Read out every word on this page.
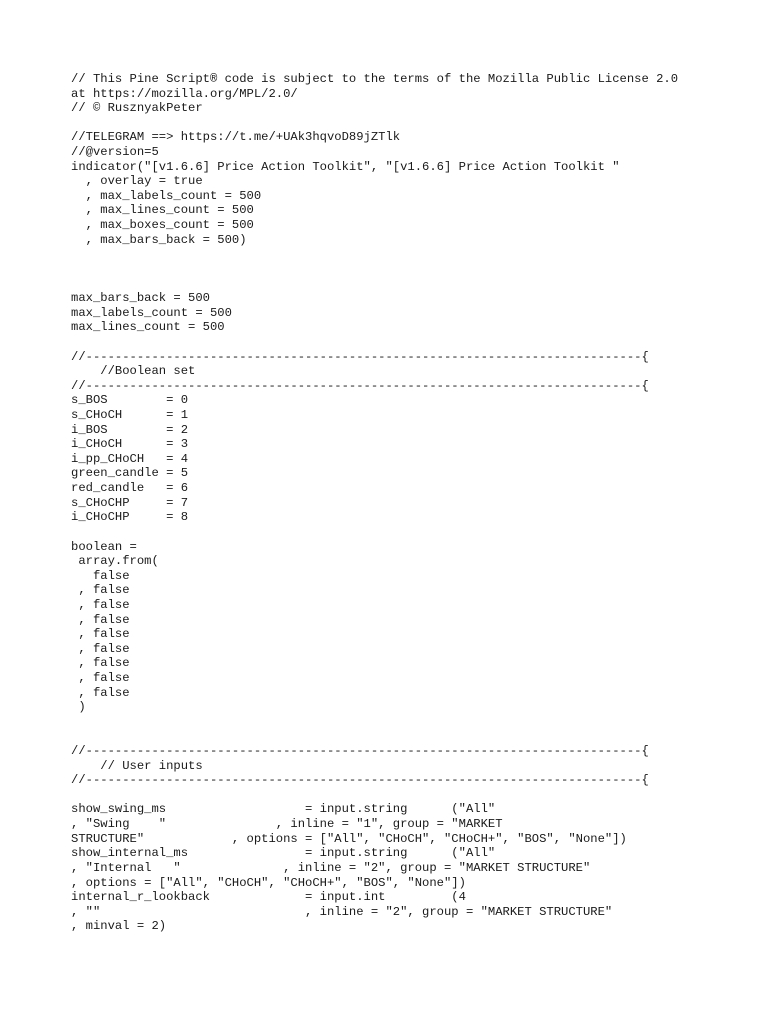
// This Pine Script® code is subject to the terms of the Mozilla Public License 2.0
at https://mozilla.org/MPL/2.0/
// © RusznyakPeter
//TELEGRAM ==> https://t.me/+UAk3hqvoD89jZTlk
//@version=5
indicator("[v1.6.6] Price Action Toolkit", "[v1.6.6] Price Action Toolkit "
, overlay = true
, max_labels_count = 500
, max_lines_count = 500
, max_boxes_count = 500
, max_bars_back = 500)
max_bars_back = 500
max_labels_count = 500
max_lines_count = 500
//----------------------------------------------------------------------------{
//Boolean set
//----------------------------------------------------------------------------{
s_BOS        = 0
s_CHoCH      = 1
i_BOS        = 2
i_CHoCH      = 3
i_pp_CHoCH   = 4
green_candle = 5
red_candle   = 6
s_CHoCHP     = 7
i_CHoCHP     = 8
boolean =
array.from(
false
, false
, false
, false
, false
, false
, false
, false
, false
)
//----------------------------------------------------------------------------{
// User inputs
//----------------------------------------------------------------------------{
show_swing_ms                   = input.string      ("All"
, "Swing    "               , inline = "1", group = "MARKET
STRUCTURE"            , options = ["All", "CHoCH", "CHoCH+", "BOS", "None"])
show_internal_ms                = input.string      ("All"
, "Internal   "              , inline = "2", group = "MARKET STRUCTURE"
, options = ["All", "CHoCH", "CHoCH+", "BOS", "None"])
internal_r_lookback             = input.int         (4
, ""                            , inline = "2", group = "MARKET STRUCTURE"
, minval = 2)
